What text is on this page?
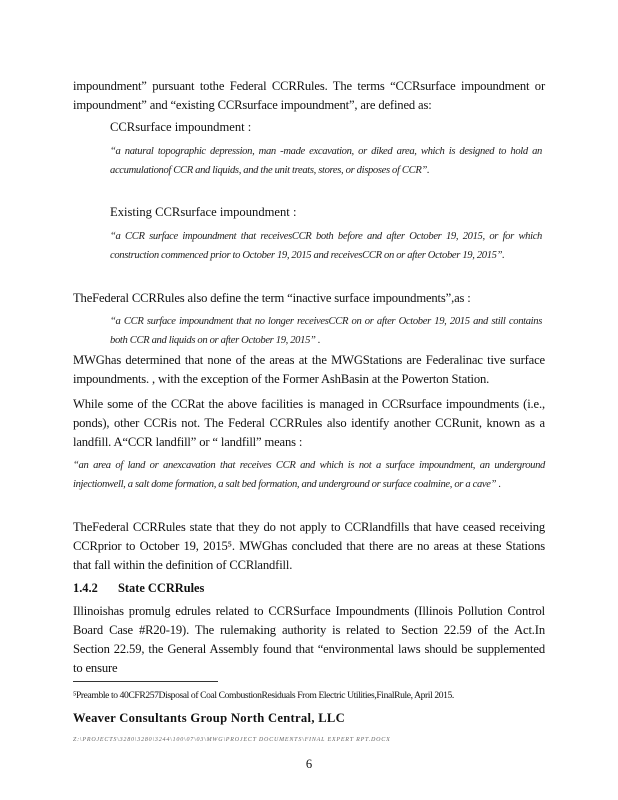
impoundment” pursuant tothe Federal CCRRules. The terms “CCRsurface impoundment or impoundment” and “existing CCRsurface impoundment”, are defined as:

CCRsurface impoundment :

“a natural topographic depression, man -made excavation, or diked area, which is designed to hold an accumulationof CCR and liquids, and the unit treats, stores, or disposes of CCR”.

Existing CCRsurface impoundment :

“a CCR surface impoundment that receivesCCR both before and after October 19, 2015, or for which construction commenced prior to October 19, 2015 and receivesCCR on or after October 19, 2015”.

TheFederal CCRRules also define the term “inactive surface impoundments”,as :

“a CCR surface impoundment that no longer receivesCCR on or after October 19, 2015 and still contains both CCR and liquids on or after October 19, 2015” .

MWGhas determined that none of the areas at the MWGStations are Federalinac tive surface impoundments. , with the exception of the Former AshBasin at the Powerton Station.

While some of the CCRat the above facilities is managed in CCRsurface impoundments (i.e., ponds), other CCRis not. The Federal CCRRules also identify another CCRunit, known as a landfill. A“CCR landfill” or “ landfill” means :

“an area of land or anexcavation that receives CCR and which is not a surface impoundment, an underground injectionwell, a salt dome formation, a salt bed formation, and underground or surface coalmine, or a cave” .

TheFederal CCRRules state that they do not apply to CCRlandfills that have ceased receiving CCRprior to October 19, 2015⁵. MWGhas concluded that there are no areas at these Stations that fall within the definition of CCRlandfill.

1.4.2 State CCRRules

Illinoishas promulg edrules related to CCRSurface Impoundments (Illinois Pollution Control Board Case #R20-19). The rulemaking authority is related to Section 22.59 of the Act.In Section 22.59, the General Assembly found that “environmental laws should be supplemented to ensure

⁵Preamble to 40CFR257Disposal of Coal CombustionResiduals From Electric Utilities,FinalRule, April 2015.

Weaver Consultants Group North Central, LLC

Z:\PROJECTS\3280\3280\3244\100\07\03\MWG\PROJECT DOCUMENTS\FINAL EXPERT RPT.DOCX

6
